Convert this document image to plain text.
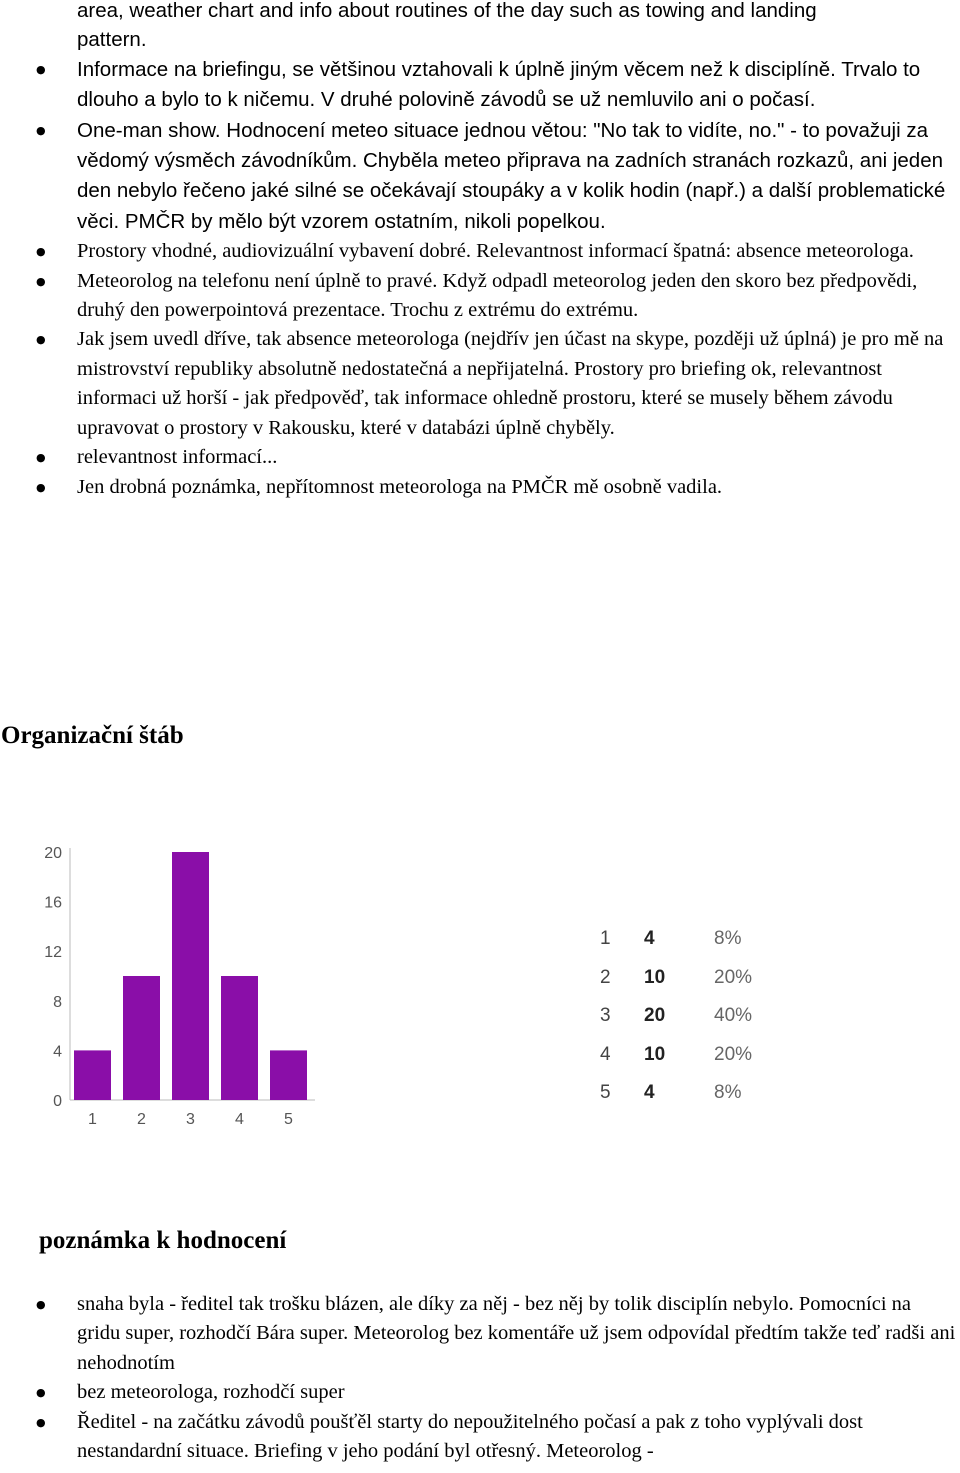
area, weather chart and info about routines of the day such as towing and landing
pattern.
● Informace na briefingu, se většinou vztahovali k úplně jiným věcem než k disciplíně. Trvalo to dlouho a bylo to k ničemu. V druhé polovině závodů se už nemluvilo ani o počasí.
● One-man show. Hodnocení meteo situace jednou větou: "No tak to vidíte, no." - to považuji za vědomý výsměch závodníkům. Chyběla meteo připrava na zadních stranách rozkazů, ani jeden den nebylo řečeno jaké silné se očekávají stoupáky a v kolik hodin (např.) a další problematické věci. PMČR by mělo být vzorem ostatním, nikoli popelkou.
● Prostory vhodné, audiovizuální vybavení dobré. Relevantnost informací špatná: absence meteorologa.
● Meteorolog na telefonu není úplně to pravé. Když odpadl meteorolog jeden den skoro bez předpovědi, druhý den powerpointová prezentace. Trochu z extrému do extrému.
● Jak jsem uvedl dříve, tak absence meteorologa (nejdřív jen účast na skype, později už úplná) je pro mě na mistrovství republiky absolutně nedostatečná a nepřijatelná. Prostory pro briefing ok, relevantnost informaci už horší - jak předpověď, tak informace ohledně prostoru, které se musely během závodu upravovat o prostory v Rakousku, které v databázi úplně chyběly.
● relevantnost informací...
● Jen drobná poznámka, nepřítomnost meteorologa na PMČR mě osobně vadila.
Organizační štáb
0
4
8
12
16
20
1	2	3	4	5
1	4	8%
2	10	20%
3	20	40%
4	10	20%
5	4	8%
poznámka k hodnocení
● snaha byla - ředitel tak trošku blázen, ale díky za něj - bez něj by tolik disciplín nebylo. Pomocníci na gridu super, rozhodčí Bára super. Meteorolog bez komentáře už jsem odpovídal předtím takže teď radši ani nehodnotím
● bez meteorologa, rozhodčí super
● Ředitel - na začátku závodů poušťěl starty do nepoužitelného počasí a pak z toho vyplývali dost nestandardní situace. Briefing v jeho podání byl otřesný. Meteorolog -
